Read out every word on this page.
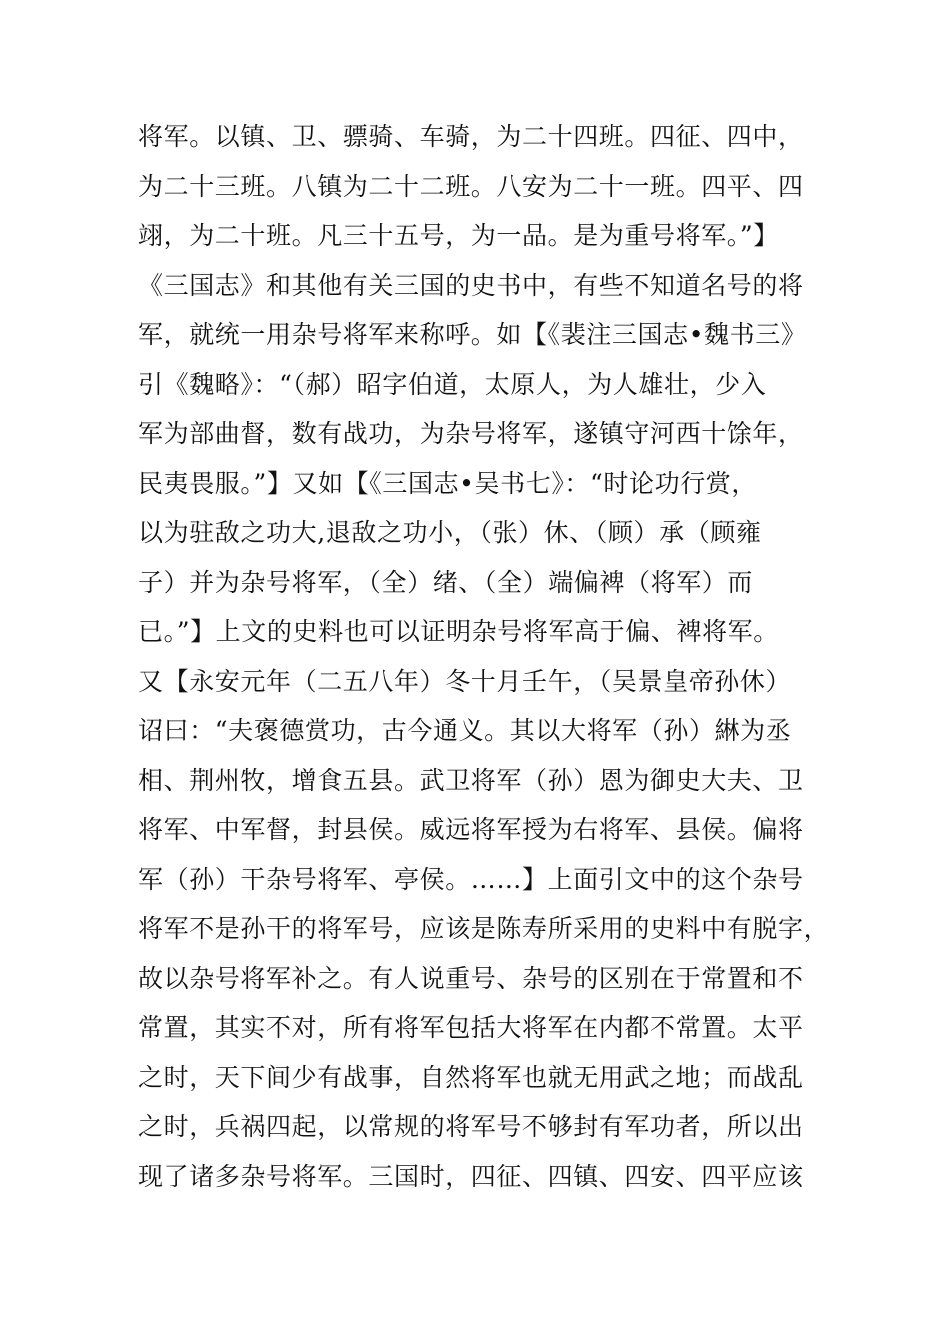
将军。以镇、卫、骠骑、车骑，为二十四班。四征、四中，
为二十三班。八镇为二十二班。八安为二十一班。四平、四
翊，为二十班。凡三十五号，为一品。是为重号将军。”】
《三国志》和其他有关三国的史书中，有些不知道名号的将
军，就统一用杂号将军来称呼。如【《裴注三国志•魏书三》
引《魏略》：“（郝）昭字伯道，太原人，为人雄壮，少入
军为部曲督，数有战功，为杂号将军，遂镇守河西十馀年，
民夷畏服。”】又如【《三国志•吴书七》：“时论功行赏，
以为驻敌之功大,退敌之功小，（张）休、（顾）承（顾雍
子）并为杂号将军，（全）绪、（全）端偏裨（将军）而
已。”】上文的史料也可以证明杂号将军高于偏、裨将军。
又【永安元年（二五八年）冬十月壬午，（吴景皇帝孙休）
诏曰：“夫褒德赏功，古今通义。其以大将军（孙）綝为丞
相、荆州牧，增食五县。武卫将军（孙）恩为御史大夫、卫
将军、中军督，封县侯。威远将军授为右将军、县侯。偏将
军（孙）干杂号将军、亭侯。……】上面引文中的这个杂号
将军不是孙干的将军号，应该是陈寿所采用的史料中有脱字，
故以杂号将军补之。有人说重号、杂号的区别在于常置和不
常置，其实不对，所有将军包括大将军在内都不常置。太平
之时，天下间少有战事，自然将军也就无用武之地；而战乱
之时，兵祸四起，以常规的将军号不够封有军功者，所以出
现了诸多杂号将军。三国时，四征、四镇、四安、四平应该
